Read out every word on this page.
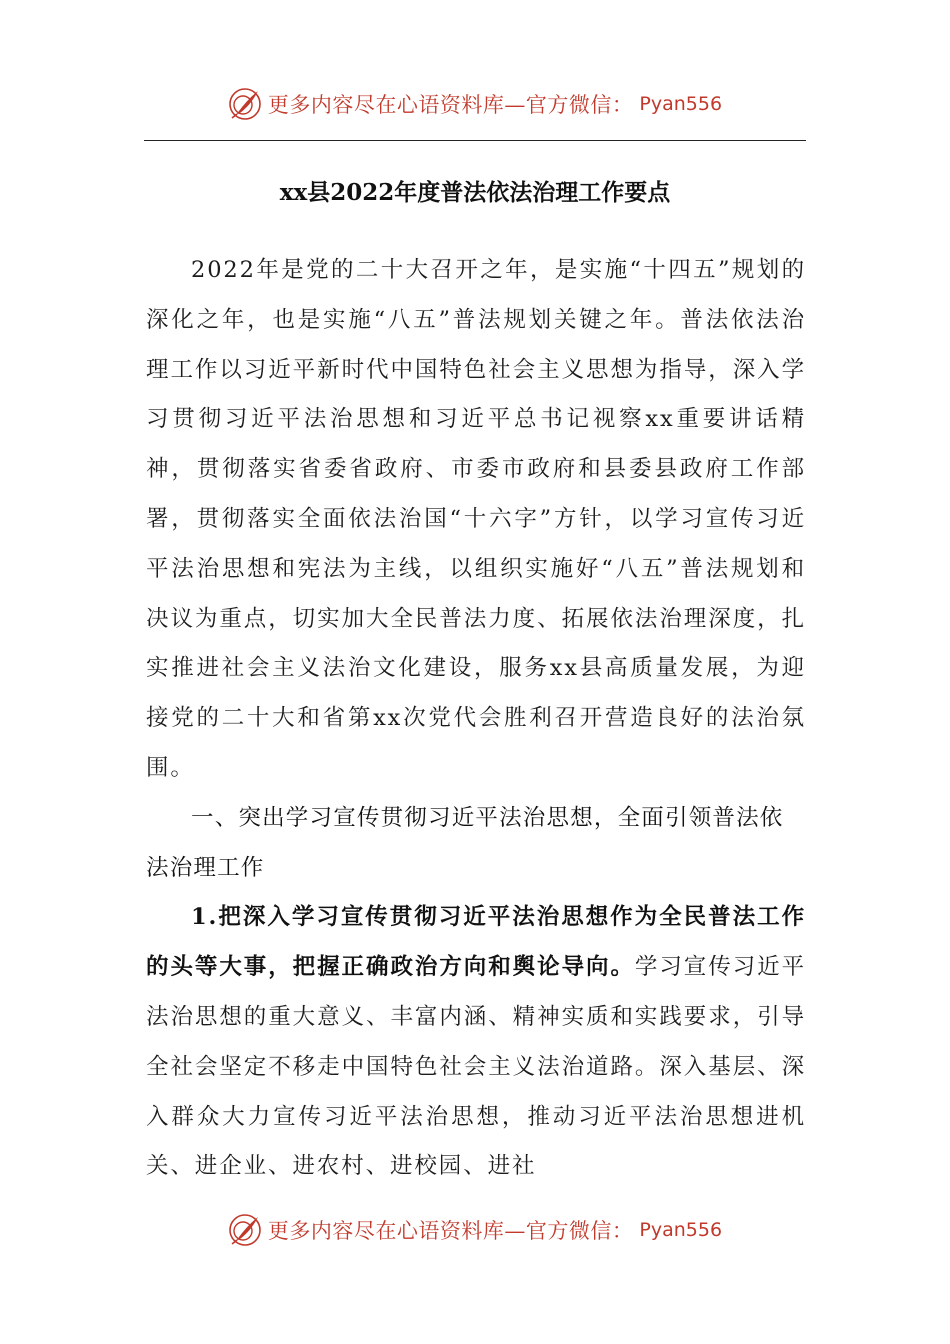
更多内容尽在心语资料库—官方微信： Pyan556
xx县2022年度普法依法治理工作要点

2022年是党的二十大召开之年，是实施“十四五”规划的深化之年，也是实施“八五”普法规划关键之年。普法依法治理工作以习近平新时代中国特色社会主义思想为指导，深入学习贯彻习近平法治思想和习近平总书记视察xx重要讲话精神，贯彻落实省委省政府、市委市政府和县委县政府工作部署，贯彻落实全面依法治国“十六字”方针，以学习宣传习近平法治思想和宪法为主线，以组织实施好“八五”普法规划和决议为重点，切实加大全民普法力度、拓展依法治理深度，扎实推进社会主义法治文化建设，服务xx县高质量发展，为迎接党的二十大和省第xx次党代会胜利召开营造良好的法治氛围。

一、突出学习宣传贯彻习近平法治思想，全面引领普法依法治理工作

1.把深入学习宣传贯彻习近平法治思想作为全民普法工作的头等大事，把握正确政治方向和舆论导向。学习宣传习近平法治思想的重大意义、丰富内涵、精神实质和实践要求，引导全社会坚定不移走中国特色社会主义法治道路。深入基层、深入群众大力宣传习近平法治思想，推动习近平法治思想进机关、进企业、进农村、进校园、进社

更多内容尽在心语资料库—官方微信： Pyan556
